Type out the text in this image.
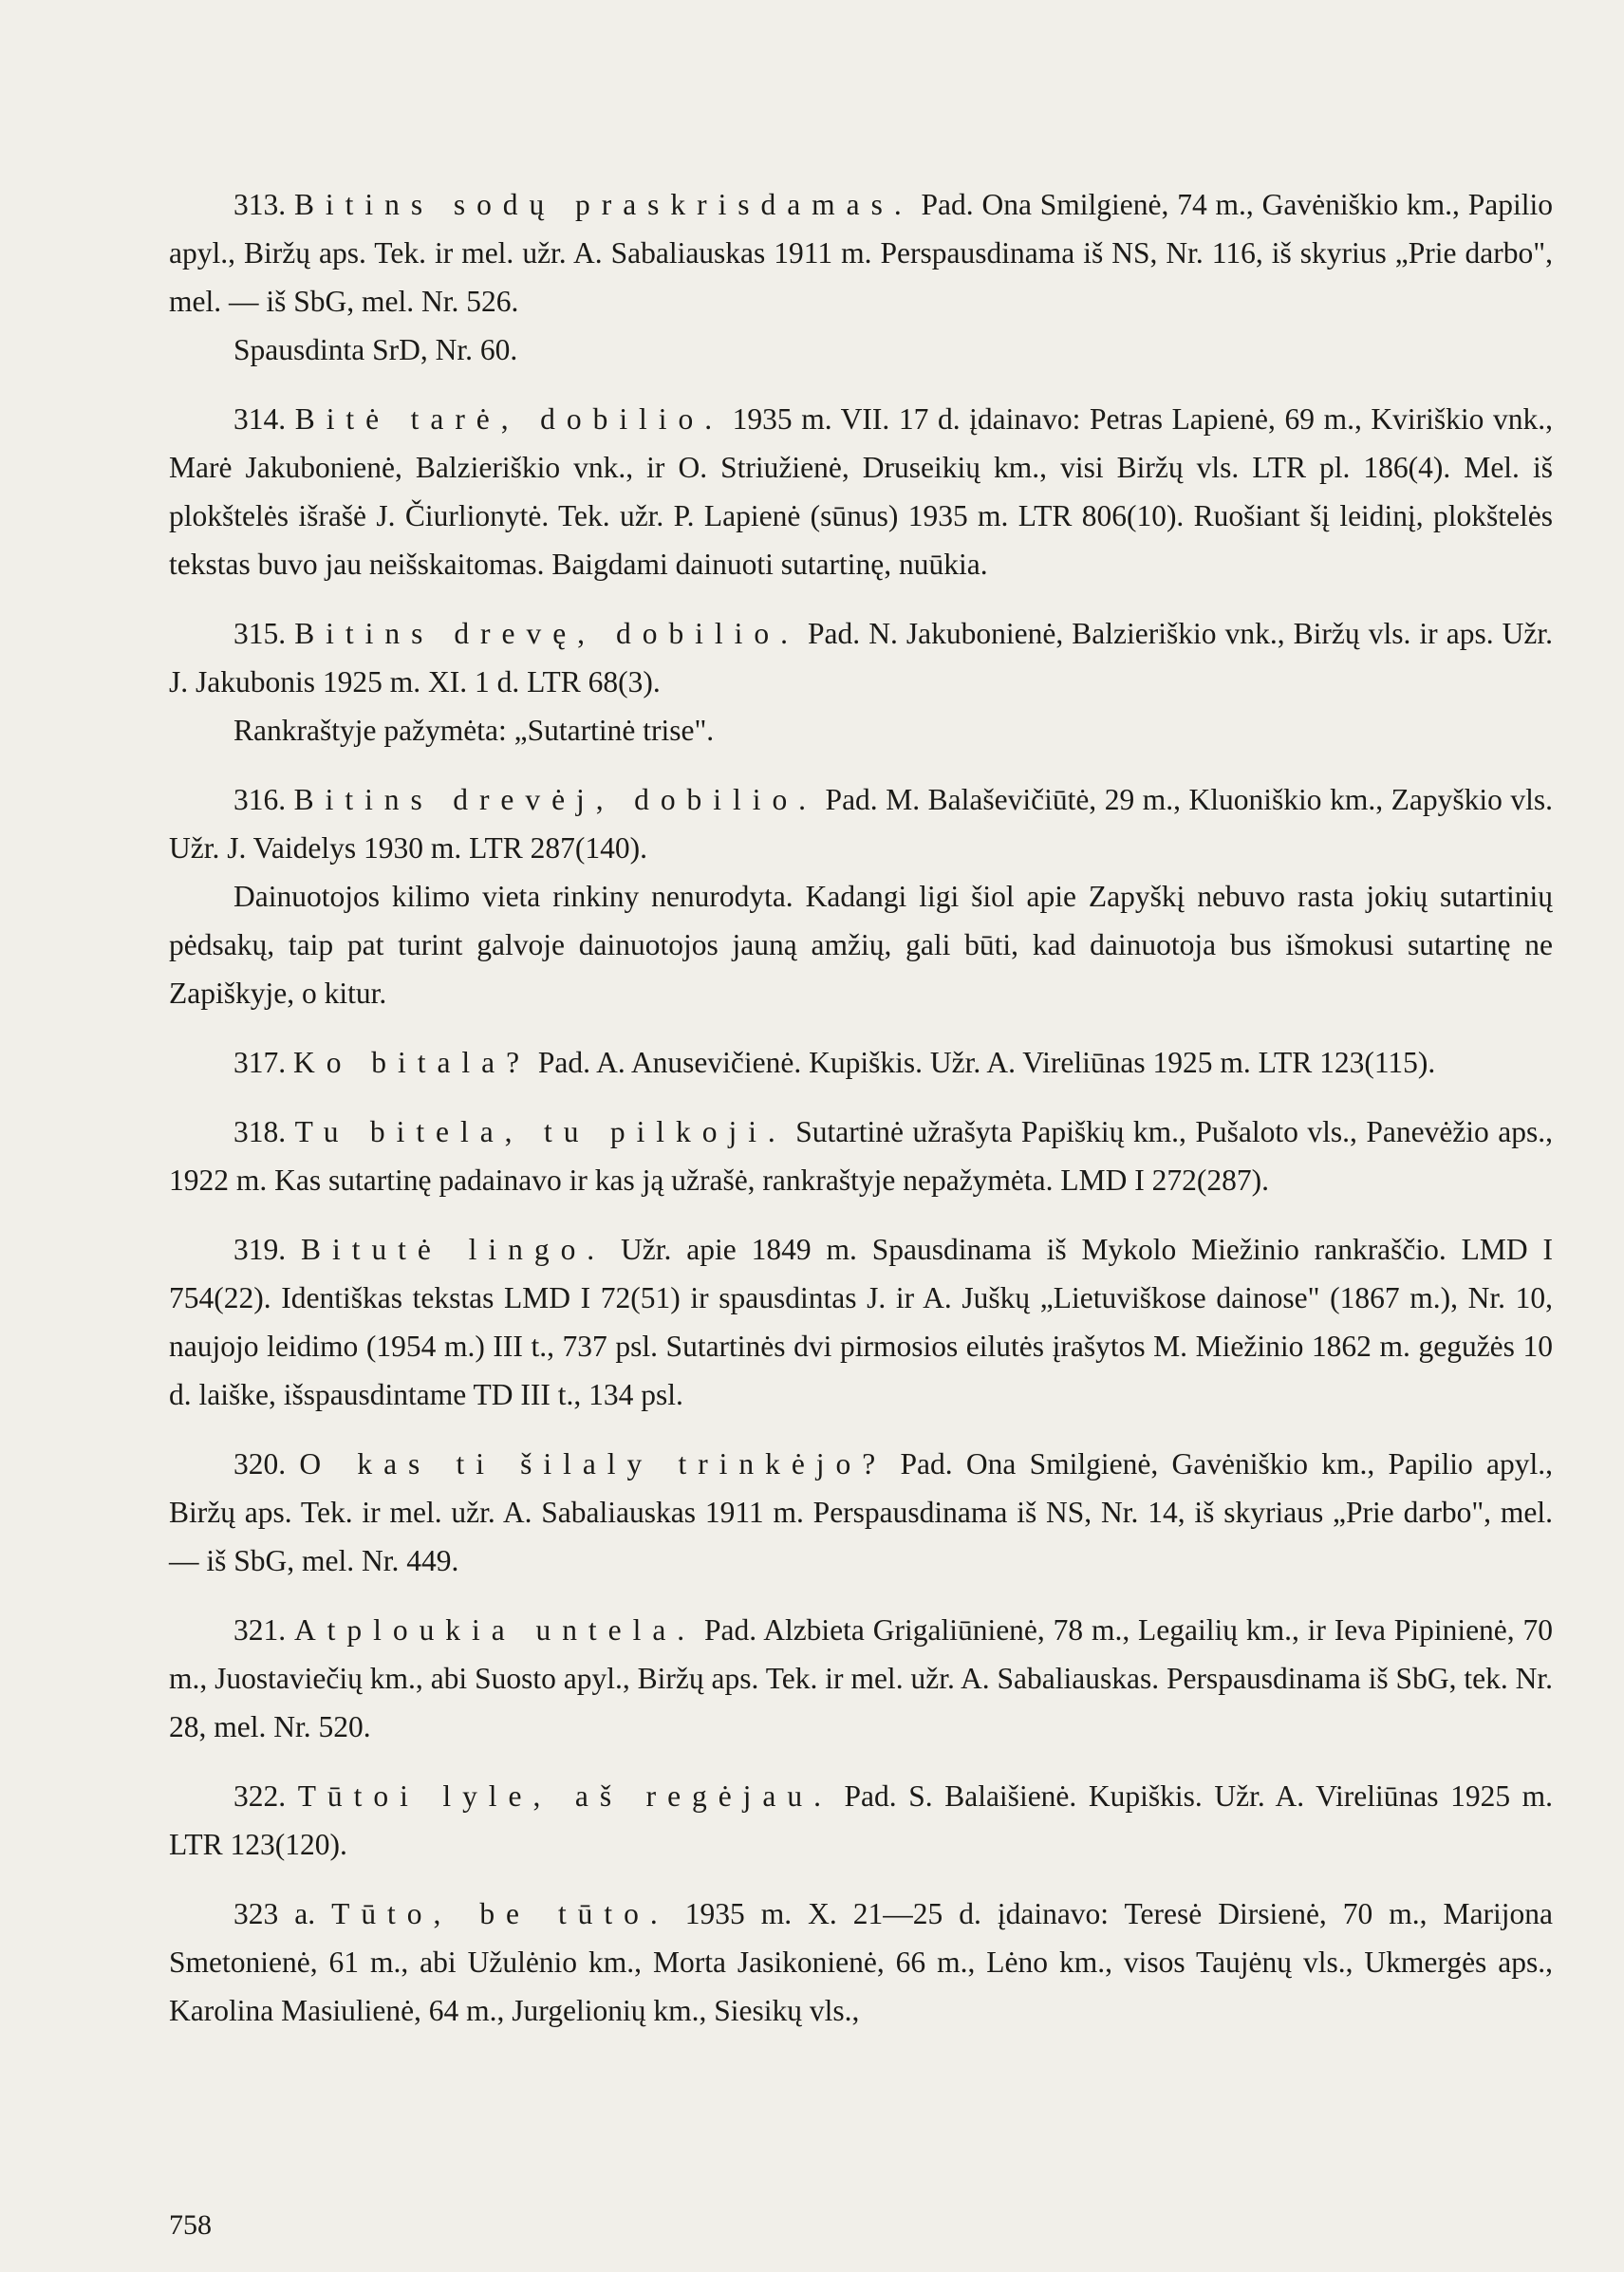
313. Bitins sodų praskrisdamas. Pad. Ona Smilgienė, 74 m., Gavėniškio km., Papilio apyl., Biržų aps. Tek. ir mel. užr. A. Sabaliauskas 1911 m. Perspausdinama iš NS, Nr. 116, iš skyrius „Prie darbo", mel. — iš SbG, mel. Nr. 526.

Spausdinta SrD, Nr. 60.

314. Bitė tarė, dobilio. 1935 m. VII. 17 d. įdainavo: Petras Lapienė, 69 m., Kviriškio vnk., Marė Jakubonienė, Balzieriškio vnk., ir O. Striužienė, Druseikių km., visi Biržų vls. LTR pl. 186(4). Mel. iš plokštelės išrašė J. Čiurlionytė. Tek. užr. P. Lapienė (sūnus) 1935 m. LTR 806(10). Ruošiant šį leidinį, plokštelės tekstas buvo jau neišskaitomas. Baigdami dainuoti sutartinę, nuūkia.

315. Bitins drevę, dobilio. Pad. N. Jakubonienė, Balzieriškio vnk., Biržų vls. ir aps. Užr. J. Jakubonis 1925 m. XI. 1 d. LTR 68(3).

Rankraštyje pažymėta: „Sutartinė trise".

316. Bitins drevėj, dobilio. Pad. M. Balaševičiūtė, 29 m., Kluoniškio km., Zapyškio vls. Užr. J. Vaidelys 1930 m. LTR 287(140).

Dainuotojos kilimo vieta rinkiny nenurodyta. Kadangi ligi šiol apie Zapyškį nebuvo rasta jokių sutartinių pėdsakų, taip pat turint galvoje dainuotojos jauną amžių, gali būti, kad dainuotoja bus išmokusi sutartinę ne Zapiškyje, o kitur.

317. Ko bitala? Pad. A. Anusevičienė. Kupiškis. Užr. A. Vireliūnas 1925 m. LTR 123(115).

318. Tu bitela, tu pilkoji. Sutartinė užrašyta Papiškių km., Pušaloto vls., Panevėžio aps., 1922 m. Kas sutartinę padainavo ir kas ją užrašė, rankraštyje nepažymėta. LMD I 272(287).

319. Bitutė lingo. Užr. apie 1849 m. Spausdinama iš Mykolo Miežinio rankraščio. LMD I 754(22). Identiškas tekstas LMD I 72(51) ir spausdintas J. ir A. Juškų „Lietuviškose dainose" (1867 m.), Nr. 10, naujojo leidimo (1954 m.) III t., 737 psl. Sutartinės dvi pirmosios eilutės įrašytos M. Miežinio 1862 m. gegužės 10 d. laiške, išspausdintame TD III t., 134 psl.

320. O kas ti šilaly trinkėjo? Pad. Ona Smilgienė, Gavėniškio km., Papilio apyl., Biržų aps. Tek. ir mel. užr. A. Sabaliauskas 1911 m. Perspausdinama iš NS, Nr. 14, iš skyriaus „Prie darbo", mel. — iš SbG, mel. Nr. 449.

321. Atploukia untela. Pad. Alzbieta Grigaliūnienė, 78 m., Legailių km., ir Ieva Pipinienė, 70 m., Juostaviečių km., abi Suosto apyl., Biržų aps. Tek. ir mel. užr. A. Sabaliauskas. Perspausdinama iš SbG, tek. Nr. 28, mel. Nr. 520.

322. Tūtoi lyle, aš regėjau. Pad. S. Balaišienė. Kupiškis. Užr. A. Vireliūnas 1925 m. LTR 123(120).

323 a. Tūto, be tūto. 1935 m. X. 21—25 d. įdainavo: Teresė Dirsienė, 70 m., Marijona Smetonienė, 61 m., abi Užulėnio km., Morta Jasikonienė, 66 m., Lėno km., visos Taujėnų vls., Ukmergės aps., Karolina Masiulienė, 64 m., Jurgelionių km., Siesikų vls.,

758
